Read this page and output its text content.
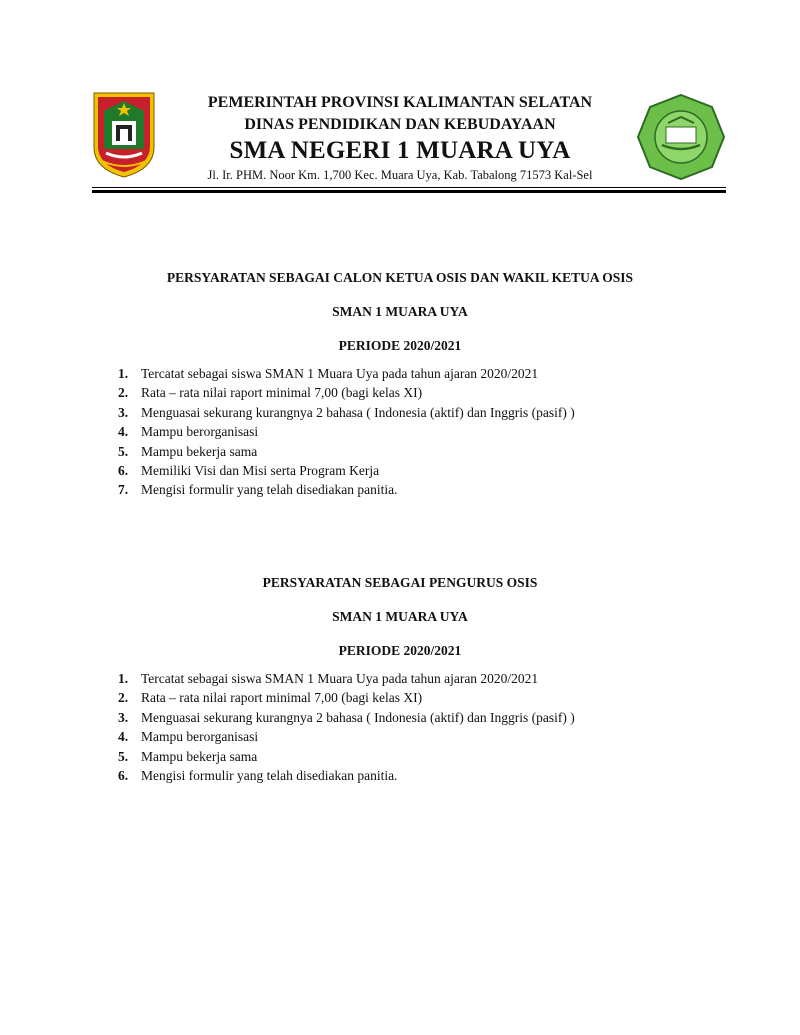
PEMERINTAH PROVINSI KALIMANTAN SELATAN
DINAS PENDIDIKAN DAN KEBUDAYAAN
SMA NEGERI 1 MUARA UYA
Jl. Ir. PHM. Noor Km. 1,700 Kec. Muara Uya, Kab. Tabalong 71573 Kal-Sel

PERSYARATAN SEBAGAI CALON KETUA OSIS DAN WAKIL KETUA OSIS

SMAN 1 MUARA UYA

PERIODE 2020/2021

1. Tercatat sebagai siswa SMAN 1 Muara Uya pada tahun ajaran 2020/2021
2. Rata – rata nilai raport minimal 7,00 (bagi kelas XI)
3. Menguasai sekurang kurangnya 2 bahasa ( Indonesia (aktif) dan Inggris (pasif) )
4. Mampu berorganisasi
5. Mampu bekerja sama
6. Memiliki Visi dan Misi serta Program Kerja
7. Mengisi formulir yang telah disediakan panitia.

PERSYARATAN SEBAGAI PENGURUS OSIS

SMAN 1 MUARA UYA

PERIODE 2020/2021

1. Tercatat sebagai siswa SMAN 1 Muara Uya pada tahun ajaran 2020/2021
2. Rata – rata nilai raport minimal 7,00 (bagi kelas XI)
3. Menguasai sekurang kurangnya 2 bahasa ( Indonesia (aktif) dan Inggris (pasif) )
4. Mampu berorganisasi
5. Mampu bekerja sama
6. Mengisi formulir yang telah disediakan panitia.
